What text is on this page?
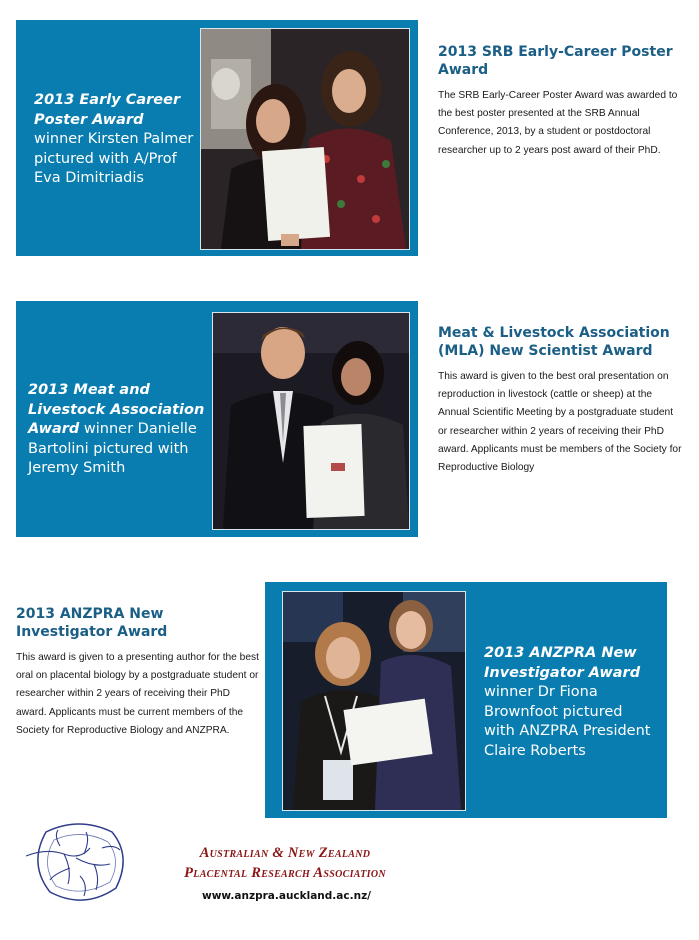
2013 Early Career Poster Award winner Kirsten Palmer pictured with A/Prof Eva Dimitriadis
2013 SRB Early-Career Poster Award

The SRB Early-Career Poster Award was awarded to the best poster presented at the SRB Annual Conference, 2013, by a student or postdoctoral researcher up to 2 years post award of their PhD.

2013 Meat and Livestock Association Award winner Danielle Bartolini pictured with Jeremy Smith
Meat & Livestock Association (MLA) New Scientist Award

This award is given to the best oral presentation on reproduction in livestock (cattle or sheep) at the Annual Scientific Meeting by a postgraduate student or researcher within 2 years of receiving their PhD award. Applicants must be members of the Society for Reproductive Biology

2013 ANZPRA New Investigator Award winner Dr Fiona Brownfoot pictured with ANZPRA President Claire Roberts
2013 ANZPRA New Investigator Award

This award is given to a presenting author for the best oral on placental biology by a postgraduate student or researcher within 2 years of receiving their PhD award. Applicants must be current members of the Society for Reproductive Biology and ANZPRA.

Australian & New Zealand
Placental Research Association
www.anzpra.auckland.ac.nz/
